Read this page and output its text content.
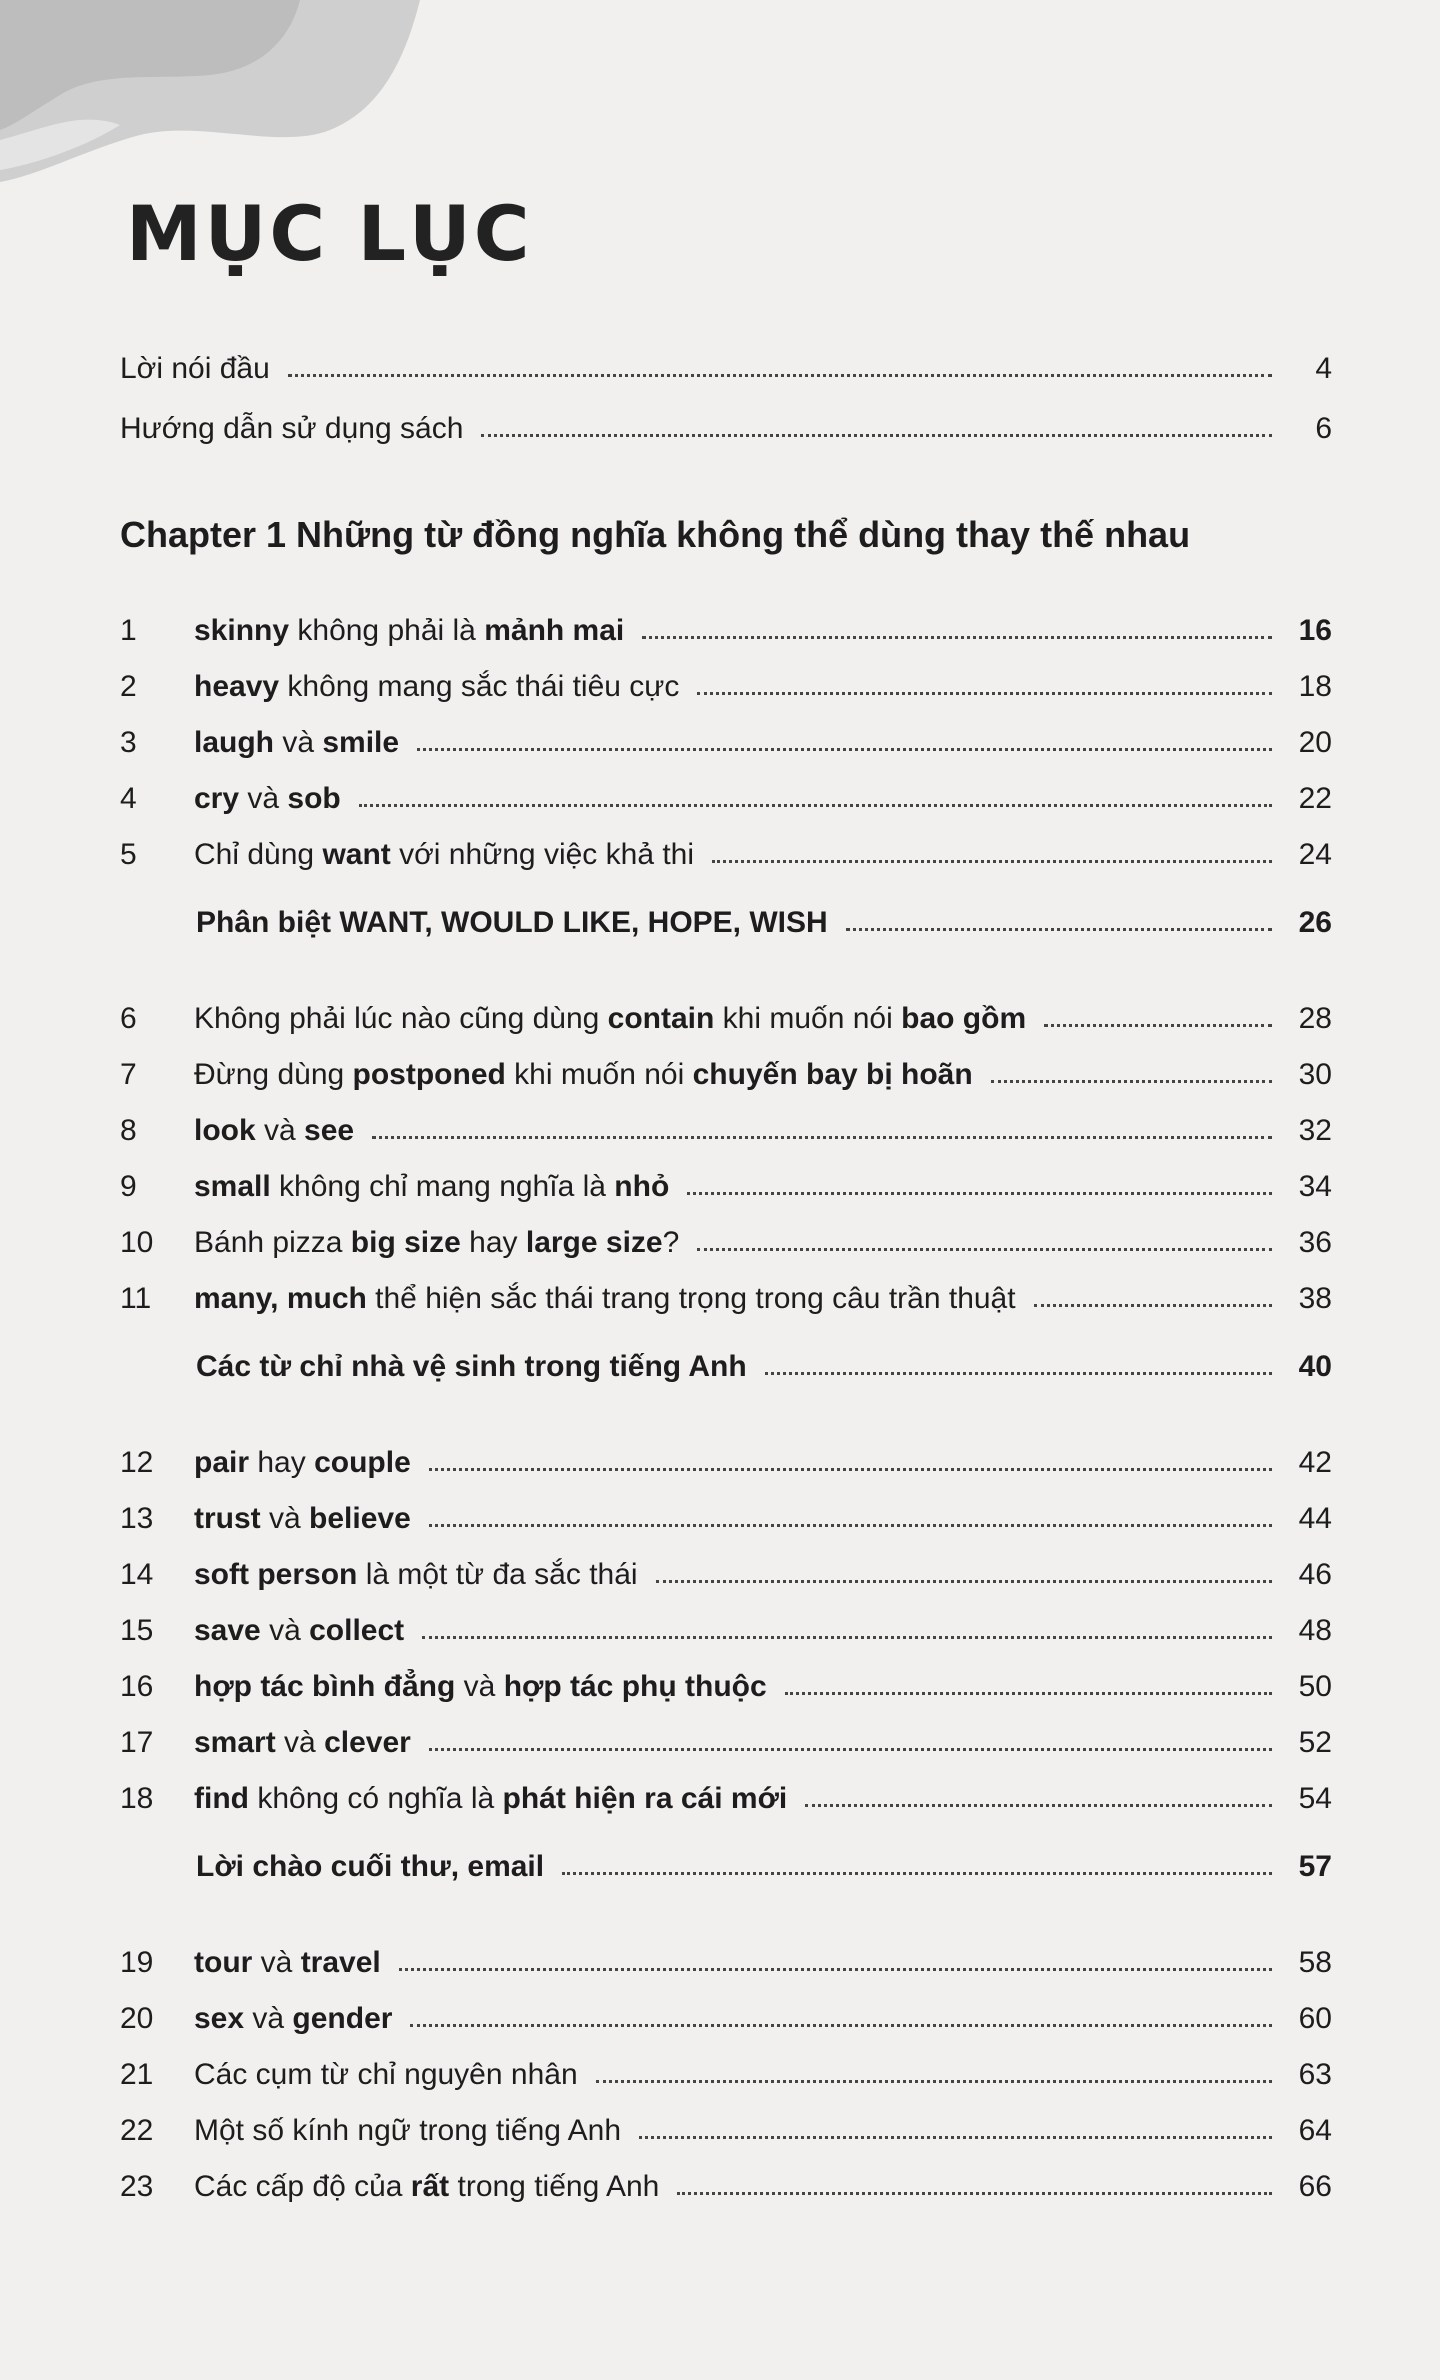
MỤC LỤC
Lời nói đầu	4
Hướng dẫn sử dụng sách	6
Chapter 1 Những từ đồng nghĩa không thể dùng thay thế nhau
1	skinny không phải là mảnh mai	16
2	heavy không mang sắc thái tiêu cực	18
3	laugh và smile	20
4	cry và sob	22
5	Chỉ dùng want với những việc khả thi	24
Phân biệt WANT, WOULD LIKE, HOPE, WISH	26
6	Không phải lúc nào cũng dùng contain khi muốn nói bao gồm	28
7	Đừng dùng postponed khi muốn nói chuyến bay bị hoãn	30
8	look và see	32
9	small không chỉ mang nghĩa là nhỏ	34
10	Bánh pizza big size hay large size?	36
11	many, much thể hiện sắc thái trang trọng trong câu trần thuật	38
Các từ chỉ nhà vệ sinh trong tiếng Anh	40
12	pair hay couple	42
13	trust và believe	44
14	soft person là một từ đa sắc thái	46
15	save và collect	48
16	hợp tác bình đẳng và hợp tác phụ thuộc	50
17	smart và clever	52
18	find không có nghĩa là phát hiện ra cái mới	54
Lời chào cuối thư, email	57
19	tour và travel	58
20	sex và gender	60
21	Các cụm từ chỉ nguyên nhân	63
22	Một số kính ngữ trong tiếng Anh	64
23	Các cấp độ của rất trong tiếng Anh	66
